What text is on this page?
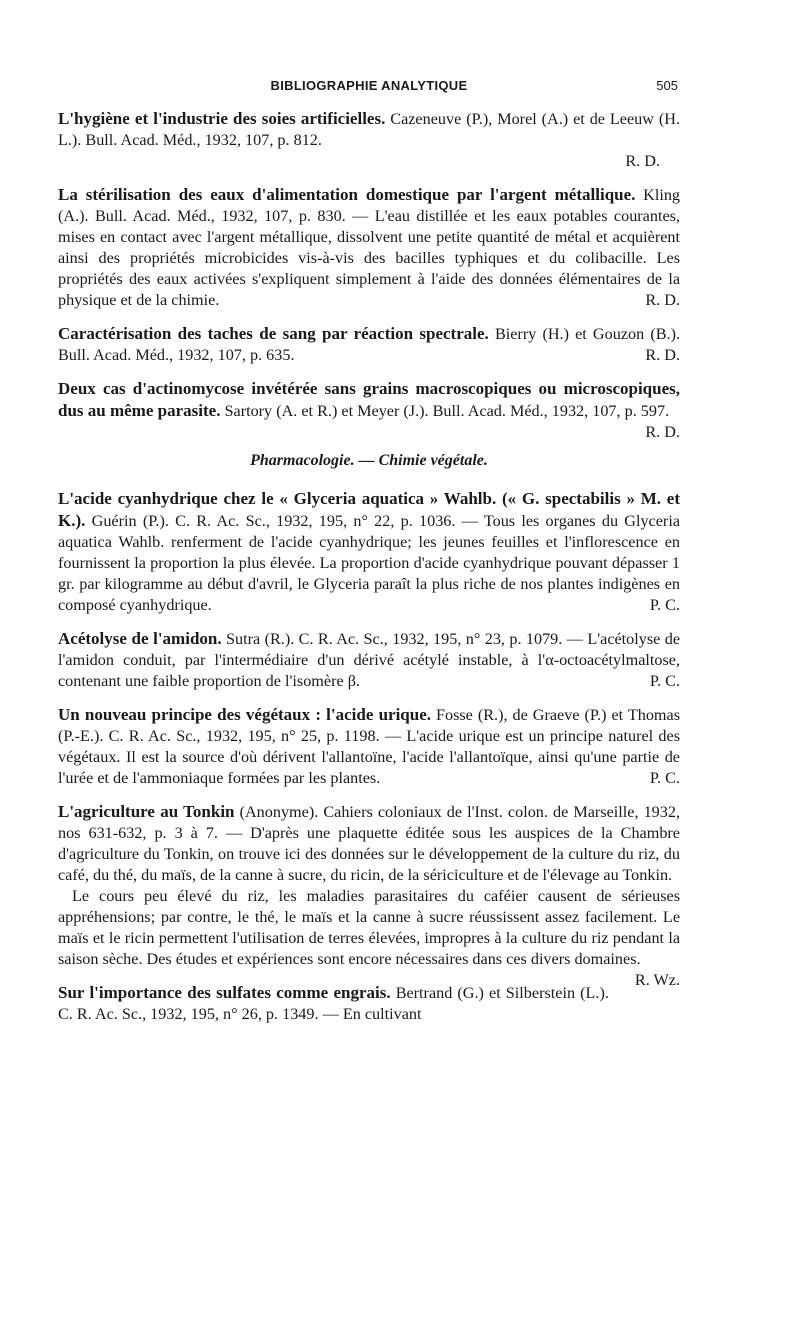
BIBLIOGRAPHIE ANALYTIQUE	505
L'hygiène et l'industrie des soies artificielles. Cazeneuve (P.), Morel (A.) et de Leeuw (H. L.). Bull. Acad. Méd., 1932, 107, p. 812.
R. D.
La stérilisation des eaux d'alimentation domestique par l'argent métallique. Kling (A.). Bull. Acad. Méd., 1932, 107, p. 830. — L'eau distillée et les eaux potables courantes, mises en contact avec l'argent métallique, dissolvent une petite quantité de métal et acquièrent ainsi des propriétés microbicides vis-à-vis des bacilles typhiques et du colibacille. Les propriétés des eaux activées s'expliquent simplement à l'aide des données élémentaires de la physique et de la chimie.	R. D.
Caractérisation des taches de sang par réaction spectrale. Bierry (H.) et Gouzon (B.). Bull. Acad. Méd., 1932, 107, p. 635.	R. D.
Deux cas d'actinomycose invétérée sans grains macroscopiques ou microscopiques, dus au même parasite. Sartory (A. et R.) et Meyer (J.). Bull. Acad. Méd., 1932, 107, p. 597.
R. D.
Pharmacologie. — Chimie végétale.
L'acide cyanhydrique chez le « Glyceria aquatica » Wahlb. (« G. spectabilis » M. et K.). Guérin (P.). C. R. Ac. Sc., 1932, 195, n° 22, p. 1036. — Tous les organes du Glyceria aquatica Wahlb. renferment de l'acide cyanhydrique; les jeunes feuilles et l'inflorescence en fournissent la proportion la plus élevée. La proportion d'acide cyanhydrique pouvant dépasser 1 gr. par kilogramme au début d'avril, le Glyceria paraît la plus riche de nos plantes indigènes en composé cyanhydrique.	P. C.
Acétolyse de l'amidon. Sutra (R.). C. R. Ac. Sc., 1932, 195, n° 23, p. 1079. — L'acétolyse de l'amidon conduit, par l'intermédiaire d'un dérivé acétylé instable, à l'α-octoacétylmaltose, contenant une faible proportion de l'isomère β.	P. C.
Un nouveau principe des végétaux : l'acide urique. Fosse (R.), de Graeve (P.) et Thomas (P.-E.). C. R. Ac. Sc., 1932, 195, n° 25, p. 1198. — L'acide urique est un principe naturel des végétaux. Il est la source d'où dérivent l'allantoïne, l'acide l'allantoïque, ainsi qu'une partie de l'urée et de l'ammoniaque formées par les plantes.	P. C.
L'agriculture au Tonkin (Anonyme). Cahiers coloniaux de l'Inst. colon. de Marseille, 1932, nos 631-632, p. 3 à 7. — D'après une plaquette éditée sous les auspices de la Chambre d'agriculture du Tonkin, on trouve ici des données sur le développement de la culture du riz, du café, du thé, du maïs, de la canne à sucre, du ricin, de la sériciculture et de l'élevage au Tonkin.
Le cours peu élevé du riz, les maladies parasitaires du caféier causent de sérieuses appréhensions; par contre, le thé, le maïs et la canne à sucre réussissent assez facilement. Le maïs et le ricin permettent l'utilisation de terres élevées, impropres à la culture du riz pendant la saison sèche. Des études et expériences sont encore nécessaires dans ces divers domaines.
R. Wz.
Sur l'importance des sulfates comme engrais. Bertrand (G.) et Silberstein (L.). C. R. Ac. Sc., 1932, 195, n° 26, p. 1349. — En cultivant
